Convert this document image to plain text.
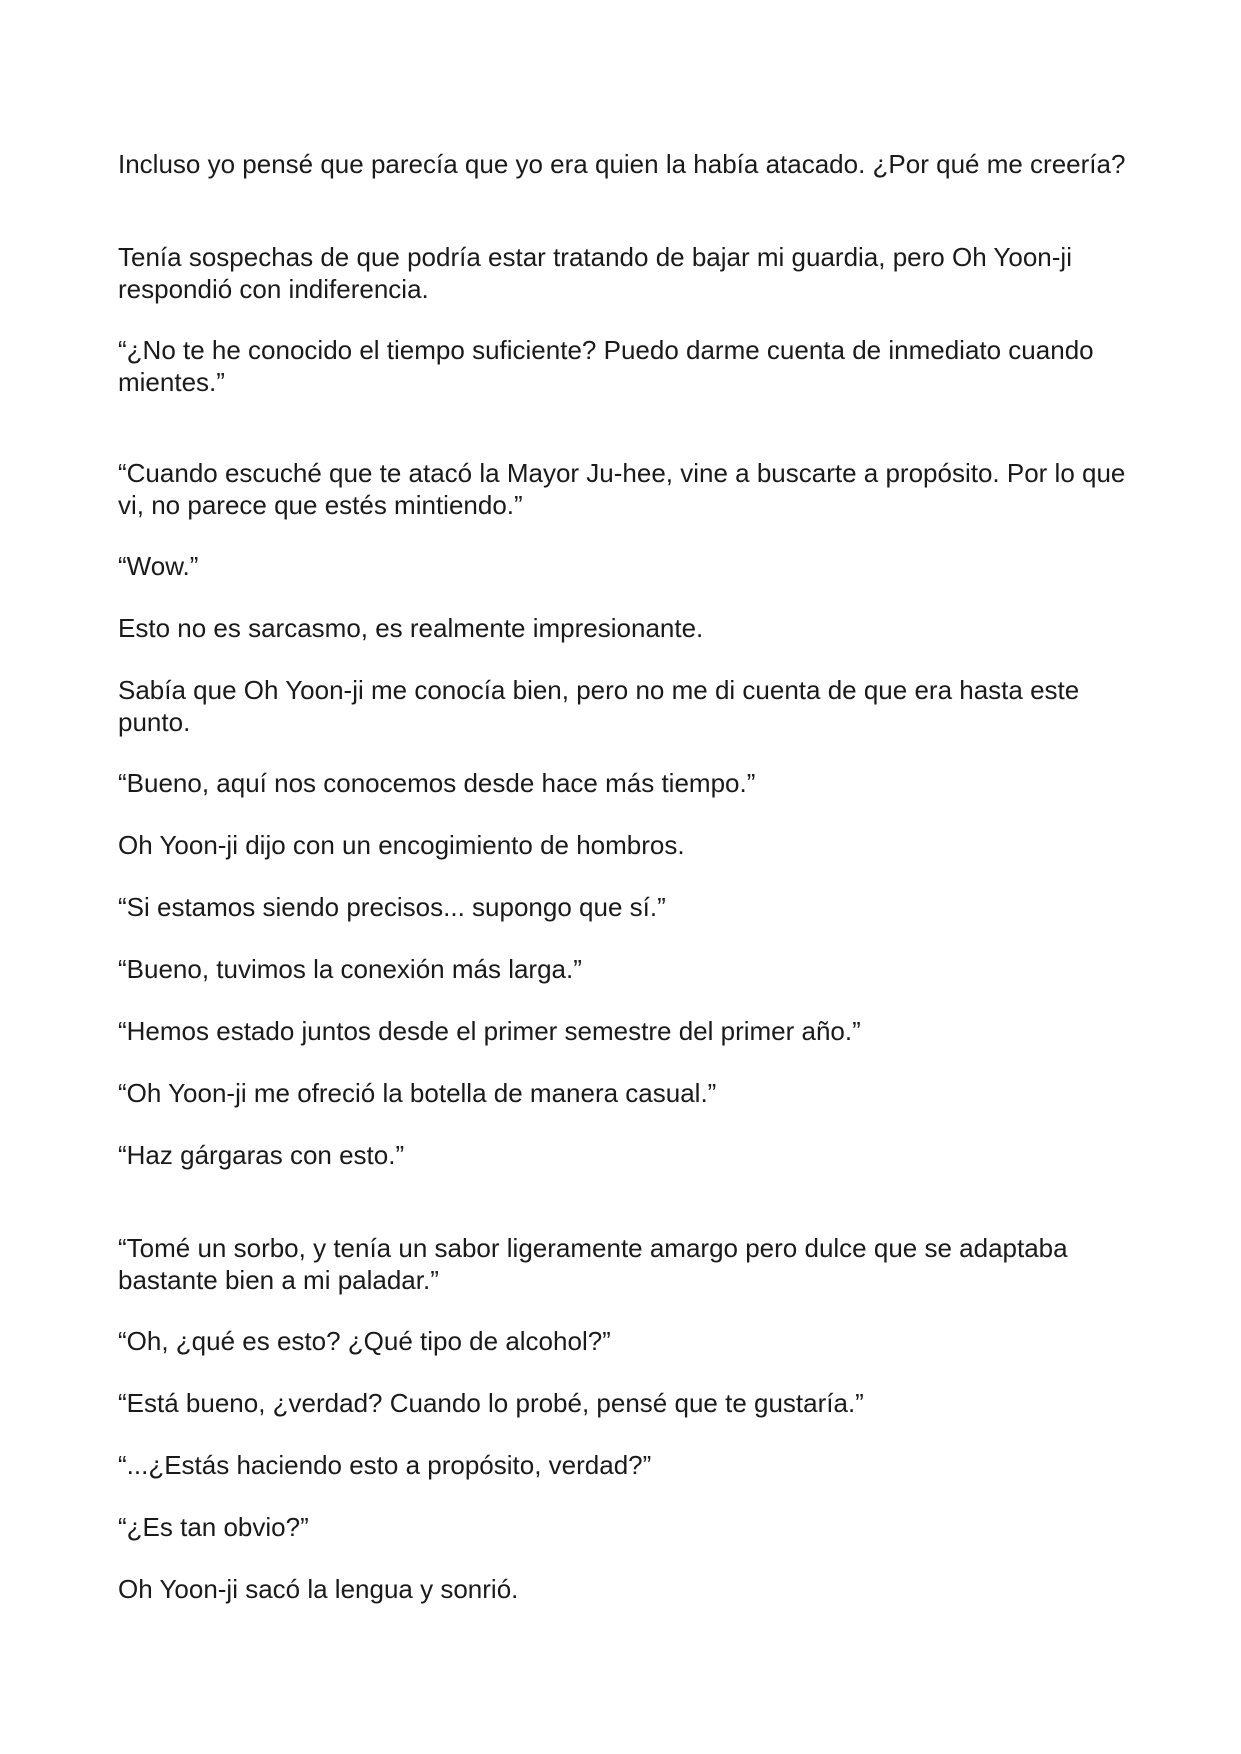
Incluso yo pensé que parecía que yo era quien la había atacado. ¿Por qué me creería?

Tenía sospechas de que podría estar tratando de bajar mi guardia, pero Oh Yoon-ji respondió con indiferencia.

“¿No te he conocido el tiempo suficiente? Puedo darme cuenta de inmediato cuando mientes.”

“Cuando escuché que te atacó la Mayor Ju-hee, vine a buscarte a propósito. Por lo que vi, no parece que estés mintiendo.”

“Wow.”

Esto no es sarcasmo, es realmente impresionante.

Sabía que Oh Yoon-ji me conocía bien, pero no me di cuenta de que era hasta este punto.

“Bueno, aquí nos conocemos desde hace más tiempo.”

Oh Yoon-ji dijo con un encogimiento de hombros.

“Si estamos siendo precisos... supongo que sí.”

“Bueno, tuvimos la conexión más larga.”

“Hemos estado juntos desde el primer semestre del primer año.”

“Oh Yoon-ji me ofreció la botella de manera casual.”

“Haz gárgaras con esto.”

“Tomé un sorbo, y tenía un sabor ligeramente amargo pero dulce que se adaptaba bastante bien a mi paladar.”

“Oh, ¿qué es esto? ¿Qué tipo de alcohol?”

“Está bueno, ¿verdad? Cuando lo probé, pensé que te gustaría.”

“...¿Estás haciendo esto a propósito, verdad?”

“¿Es tan obvio?”

Oh Yoon-ji sacó la lengua y sonrió.
